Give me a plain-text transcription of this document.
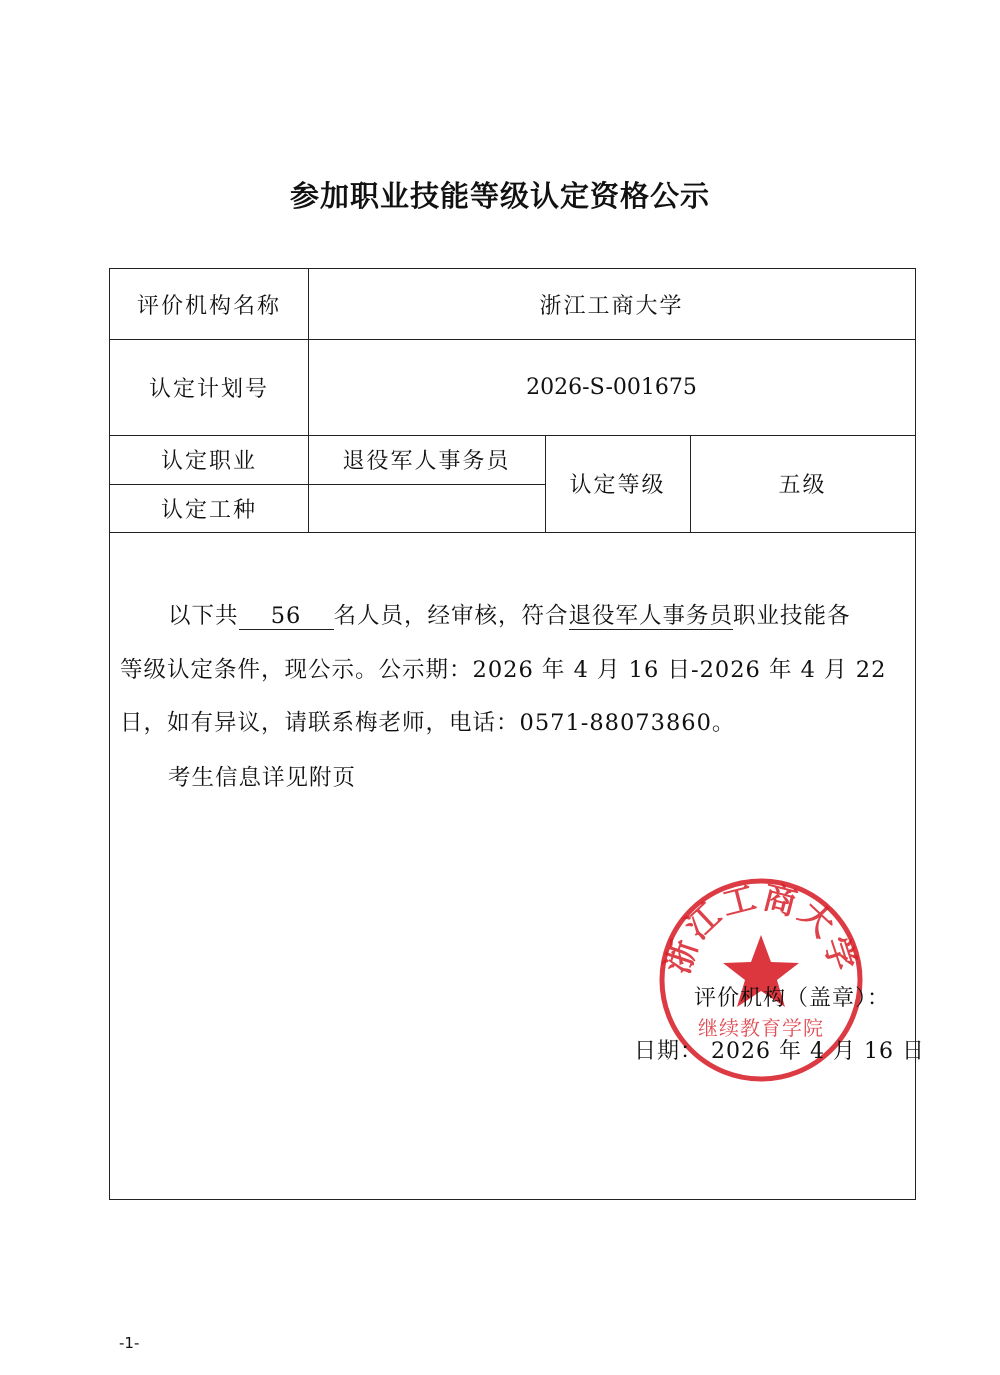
参加职业技能等级认定资格公示
评价机构名称	浙江工商大学
认定计划号	2026-S-001675
认定职业	退役军人事务员
认定工种
认定等级	五级
以下共 56 名人员，经审核，符合退役军人事务员职业技能各
等级认定条件，现公示。公示期：2026 年 4 月 16 日-2026 年 4 月 22
日，如有异议，请联系梅老师，电话：0571-88073860。
考生信息详见附页
浙江工商大学
继续教育学院
评价机构（盖章）：
日期： 2026 年 4 月 16 日
-1-
